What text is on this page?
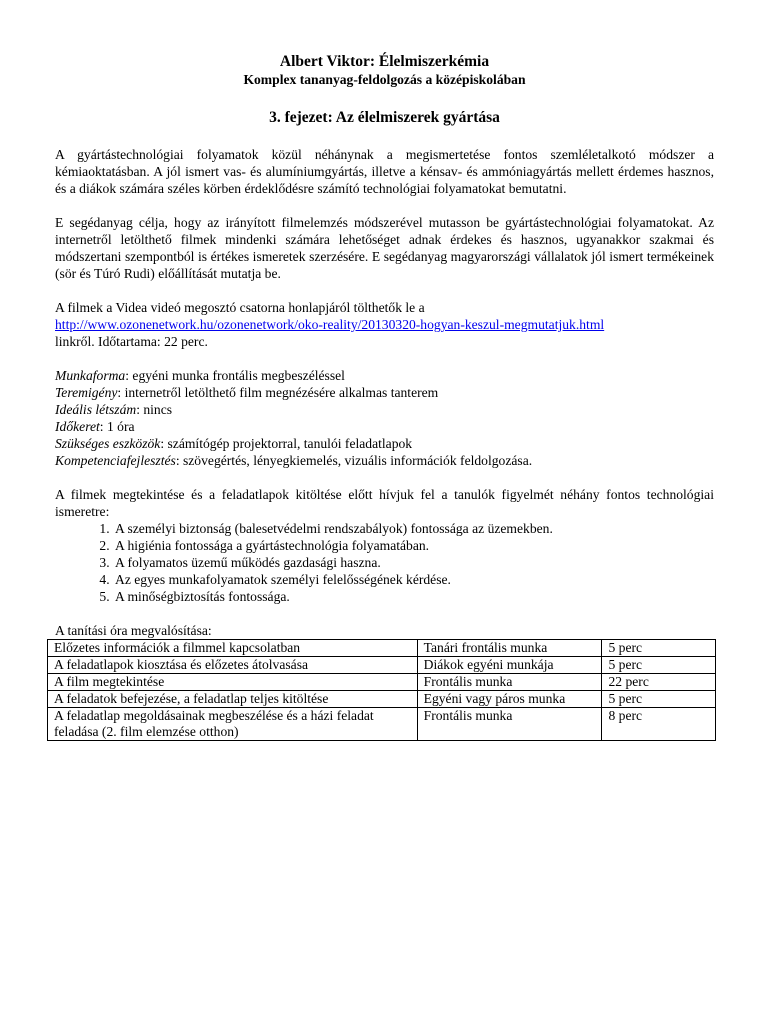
Albert Viktor: Élelmiszerkémia
Komplex tananyag-feldolgozás a középiskolában
3. fejezet: Az élelmiszerek gyártása

A gyártástechnológiai folyamatok közül néhánynak a megismertetése fontos szemléletalkotó módszer a kémiaoktatásban. A jól ismert vas- és alumíniumgyártás, illetve a kénsav- és ammóniagyártás mellett érdemes hasznos, és a diákok számára széles körben érdeklődésre számító technológiai folyamatokat bemutatni.

E segédanyag célja, hogy az irányított filmelemzés módszerével mutasson be gyártástechnológiai folyamatokat. Az internetről letölthető filmek mindenki számára lehetőséget adnak érdekes és hasznos, ugyanakkor szakmai és módszertani szempontból is értékes ismeretek szerzésére. E segédanyag magyarországi vállalatok jól ismert termékeinek (sör és Túró Rudi) előállítását mutatja be.

A filmek a Videa videó megosztó csatorna honlapjáról tölthetők le a
http://www.ozonenetwork.hu/ozonenetwork/oko-reality/20130320-hogyan-keszul-megmutatjuk.html
linkről. Időtartama: 22 perc.

Munkaforma: egyéni munka frontális megbeszéléssel
Teremigény: internetről letölthető film megnézésére alkalmas tanterem
Ideális létszám: nincs
Időkeret: 1 óra
Szükséges eszközök: számítógép projektorral, tanulói feladatlapok
Kompetenciafejlesztés: szövegértés, lényegkiemelés, vizuális információk feldolgozása.

A filmek megtekintése és a feladatlapok kitöltése előtt hívjuk fel a tanulók figyelmét néhány fontos technológiai ismeretre:

1. A személyi biztonság (balesetvédelmi rendszabályok) fontossága az üzemekben.
2. A higiénia fontossága a gyártástechnológia folyamatában.
3. A folyamatos üzemű működés gazdasági haszna.
4. Az egyes munkafolyamatok személyi felelősségének kérdése.
5. A minőségbiztosítás fontossága.

A tanítási óra megvalósítása:

Előzetes információk a filmmel kapcsolatban	Tanári frontális munka	5 perc
A feladatlapok kiosztása és előzetes átolvasása	Diákok egyéni munkája	5 perc
A film megtekintése	Frontális munka	22 perc
A feladatok befejezése, a feladatlap teljes kitöltése	Egyéni vagy páros munka	5 perc
A feladatlap megoldásainak megbeszélése és a házi feladat feladása (2. film elemzése otthon)	Frontális munka	8 perc
